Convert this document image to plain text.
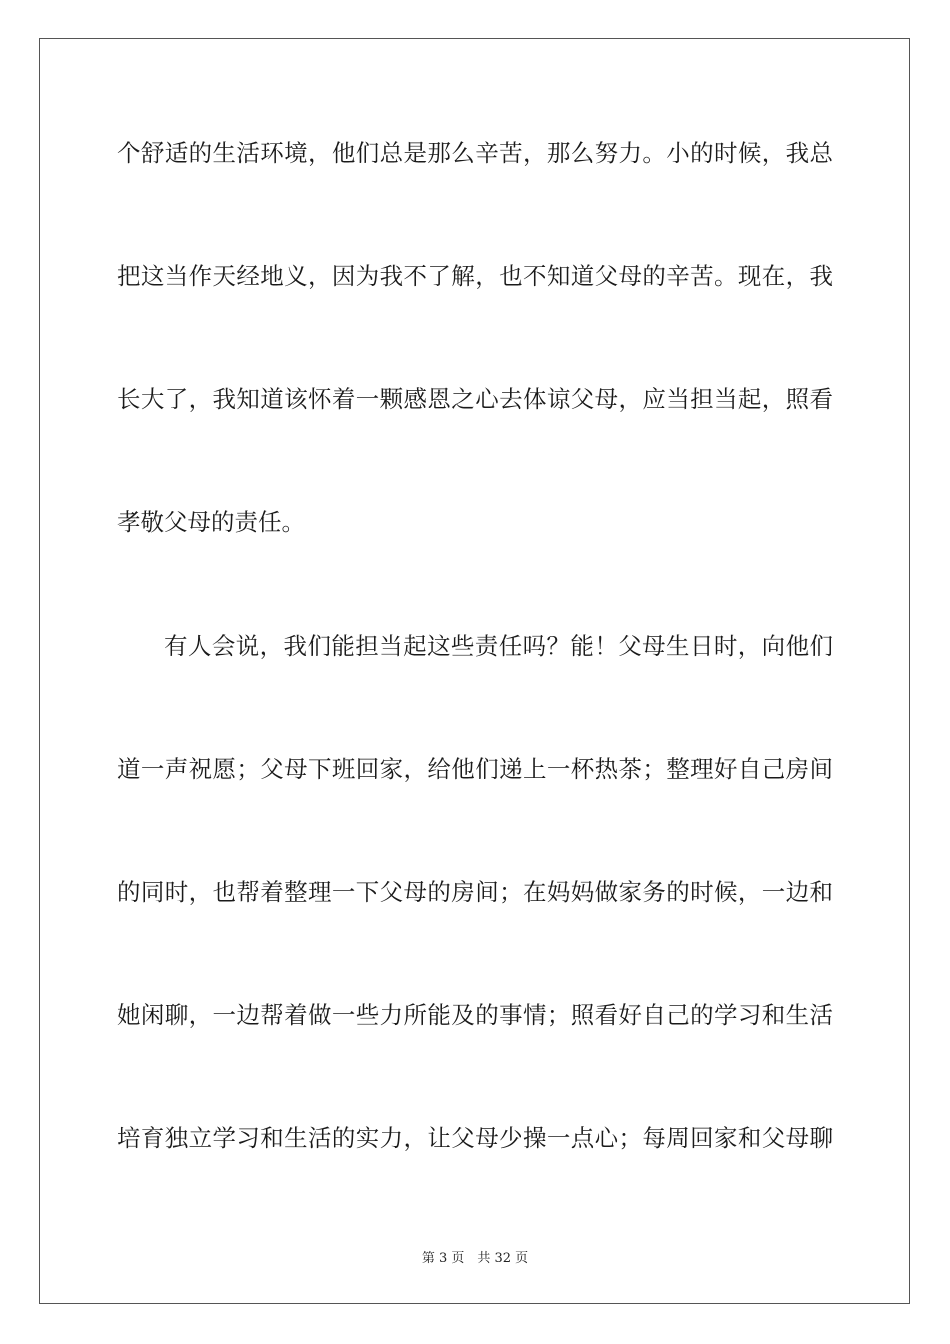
个舒适的生活环境，他们总是那么辛苦，那么努力。小的时候，我总
把这当作天经地义，因为我不了解，也不知道父母的辛苦。现在，我
长大了，我知道该怀着一颗感恩之心去体谅父母，应当担当起，照看
孝敬父母的责任。
有人会说，我们能担当起这些责任吗？能！父母生日时，向他们
道一声祝愿；父母下班回家，给他们递上一杯热茶；整理好自己房间
的同时，也帮着整理一下父母的房间；在妈妈做家务的时候，一边和
她闲聊，一边帮着做一些力所能及的事情；照看好自己的学习和生活
培育独立学习和生活的实力，让父母少操一点心；每周回家和父母聊
第 3 页　共 32 页
